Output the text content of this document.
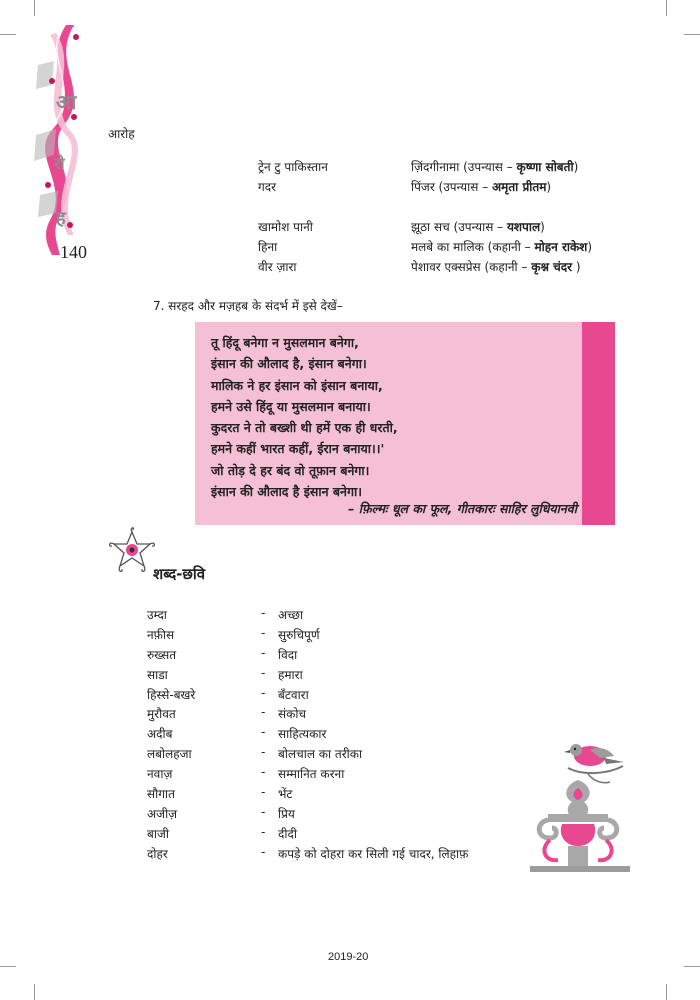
आ
रो
ह
140
आरोह
ट्रेन टु पाकिस्तान	ज़िंदगीनामा (उपन्यास – कृष्णा सोबती)
गदर	पिंजर (उपन्यास – अमृता प्रीतम)
खामोश पानी	झूठा सच (उपन्यास – यशपाल)
हिना	मलबे का मालिक (कहानी – मोहन राकेश)
वीर ज़ारा	पेशावर एक्सप्रेस (कहानी – कृश्न चंदर )
7. सरहद और मज़हब के संदर्भ में इसे देखें–
तू हिंदू बनेगा न मुसलमान बनेगा,
इंसान की औलाद है, इंसान बनेगा।
मालिक ने हर इंसान को इंसान बनाया,
हमने उसे हिंदू या मुसलमान बनाया।
कुदरत ने तो बख्शी थी हमें एक ही धरती,
हमने कहीं भारत कहीं, ईरान बनाया।।'
जो तोड़ दे हर बंद वो तूफ़ान बनेगा।
इंसान की औलाद है इंसान बनेगा।
– फ़िल्मः धूल का फूल, गीतकारः साहिर लुधियानवी
शब्द-छवि
उम्दा	- अच्छा
नफ़ीस	- सुरुचिपूर्ण
रुख्सत	- विदा
साडा	- हमारा
हिस्से-बखरे	- बँटवारा
मुरौवत	- संकोच
अदीब	- साहित्यकार
लबोलहजा	- बोलचाल का तरीका
नवाज़	- सम्मानित करना
सौगात	- भेंट
अजीज़	- प्रिय
बाजी	- दीदी
दोहर	- कपड़े को दोहरा कर सिली गई चादर, लिहाफ़
2019-20
